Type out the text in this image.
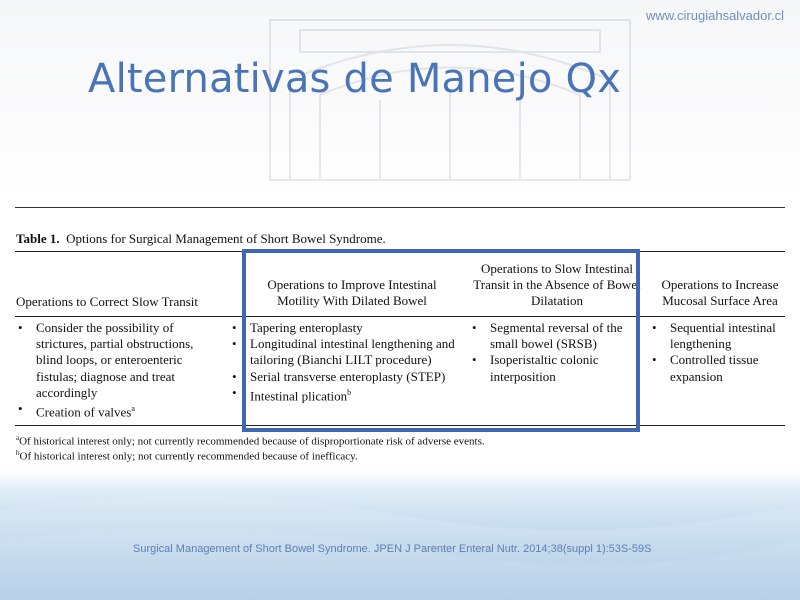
www.cirugiahsalvador.cl
Alternativas de Manejo Qx
Table 1. Options for Surgical Management of Short Bowel Syndrome.
Operations to Correct Slow Transit
Operations to Improve Intestinal Motility With Dilated Bowel
Operations to Slow Intestinal Transit in the Absence of Bowel Dilatation
Operations to Increase Mucosal Surface Area
• Consider the possibility of strictures, partial obstructions, blind loops, or enteroenteric fistulas; diagnose and treat accordingly
• Creation of valves$^a$
• Tapering enteroplasty
• Longitudinal intestinal lengthening and tailoring (Bianchi LILT procedure)
• Serial transverse enteroplasty (STEP)
• Intestinal plication$^b$
• Segmental reversal of the small bowel (SRSB)
• Isoperistaltic colonic interposition
• Sequential intestinal lengthening
• Controlled tissue expansion
$^a$Of historical interest only; not currently recommended because of disproportionate risk of adverse events.
$^b$Of historical interest only; not currently recommended because of inefficacy.
Surgical Management of Short Bowel Syndrome. JPEN J Parenter Enteral Nutr. 2014;38(suppl 1):53S-59S
